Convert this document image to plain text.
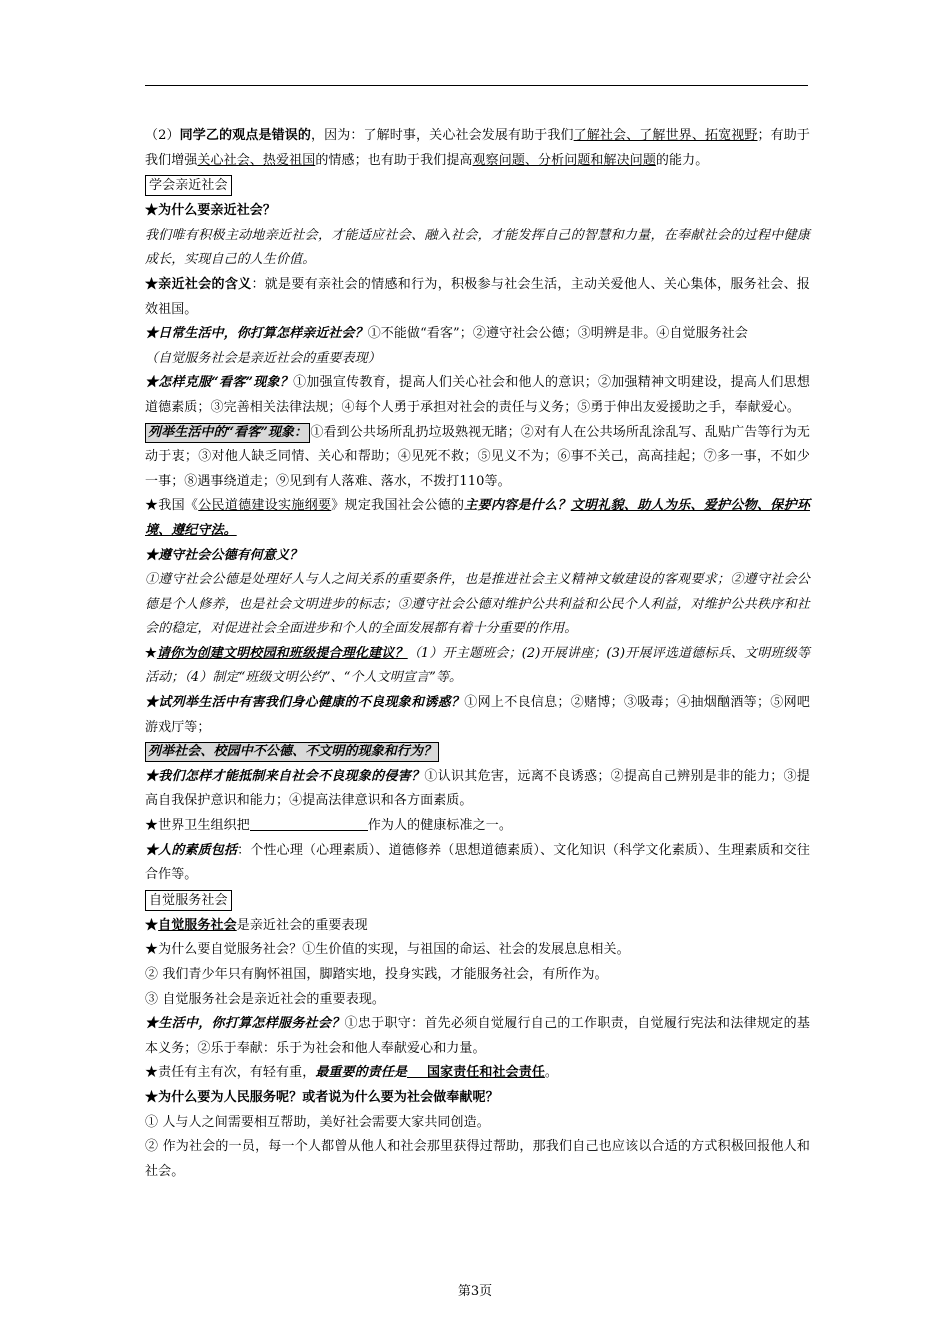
（2）同学乙的观点是错误的，因为：了解时事，关心社会发展有助于我们了解社会、了解世界、拓宽视野；有助于我们增强关心社会、热爱祖国的情感；也有助于我们提高观察问题、分析问题和解决问题的能力。

学会亲近社会

★为什么要亲近社会？

我们唯有积极主动地亲近社会，才能适应社会、融入社会，才能发挥自己的智慧和力量，在奉献社会的过程中健康成长，实现自己的人生价值。

★亲近社会的含义：就是要有亲社会的情感和行为，积极参与社会生活，主动关爱他人、关心集体，服务社会、报效祖国。

★日常生活中，你打算怎样亲近社会？①不能做“看客”；②遵守社会公德；③明辨是非。④自觉服务社会

（自觉服务社会是亲近社会的重要表现）

★怎样克服“看客”现象？①加强宣传教育，提高人们关心社会和他人的意识；②加强精神文明建设，提高人们思想道德素质；③完善相关法律法规；④每个人勇于承担对社会的责任与义务；⑤勇于伸出友爱援助之手，奉献爱心。

列举生活中的“看客”现象： ①看到公共场所乱扔垃圾熟视无睹；②对有人在公共场所乱涂乱写、乱贴广告等行为无动于衷；③对他人缺乏同情、关心和帮助；④见死不救；⑤见义不为；⑥事不关己，高高挂起；⑦多一事，不如少一事；⑧遇事绕道走；⑨见到有人落难、落水，不拨打110等。

★我国《公民道德建设实施纲要》规定我国社会公德的主要内容是什么？文明礼貌、助人为乐、爱护公物、保护环境、遵纪守法。

★遵守社会公德有何意义？

①遵守社会公德是处理好人与人之间关系的重要条件，也是推进社会主义精神文敏建设的客观要求；②遵守社会公德是个人修养，也是社会文明进步的标志；③遵守社会公德对维护公共利益和公民个人利益，对维护公共秩序和社会的稳定，对促进社会全面进步和个人的全面发展都有着十分重要的作用。

★请你为创建文明校园和班级提合理化建议？（1）开主题班会；(2)开展讲座；(3)开展评选道德标兵、文明班级等活动；（4）制定“班级文明公约”、“个人文明宣言”等。

★试列举生活中有害我们身心健康的不良现象和诱惑？①网上不良信息；②赌博；③吸毒；④抽烟酗酒等；⑤网吧游戏厅等；

列举社会、校园中不公德、不文明的现象和行为？

★我们怎样才能抵制来自社会不良现象的侵害？①认识其危害，远离不良诱惑；②提高自己辨别是非的能力；③提高自我保护意识和能力；④提高法律意识和各方面素质。

★世界卫生组织把	作为人的健康标准之一。

★人的素质包括：个性心理（心理素质）、道德修养（思想道德素质）、文化知识（科学文化素质）、生理素质和交往合作等。

自觉服务社会

★自觉服务社会是亲近社会的重要表现

★为什么要自觉服务社会？①生价值的实现，与祖国的命运、社会的发展息息相关。

② 我们青少年只有胸怀祖国，脚踏实地，投身实践，才能服务社会，有所作为。

③ 自觉服务社会是亲近社会的重要表现。

★生活中，你打算怎样服务社会？①忠于职守：首先必须自觉履行自己的工作职责，自觉履行宪法和法律规定的基本义务；②乐于奉献：乐于为社会和他人奉献爱心和力量。

★责任有主有次，有轻有重，最重要的责任是 国家责任和社会责任。

★为什么要为人民服务呢？或者说为什么要为社会做奉献呢？

① 人与人之间需要相互帮助，美好社会需要大家共同创造。

② 作为社会的一员，每一个人都曾从他人和社会那里获得过帮助，那我们自己也应该以合适的方式积极回报他人和社会。

第3页
